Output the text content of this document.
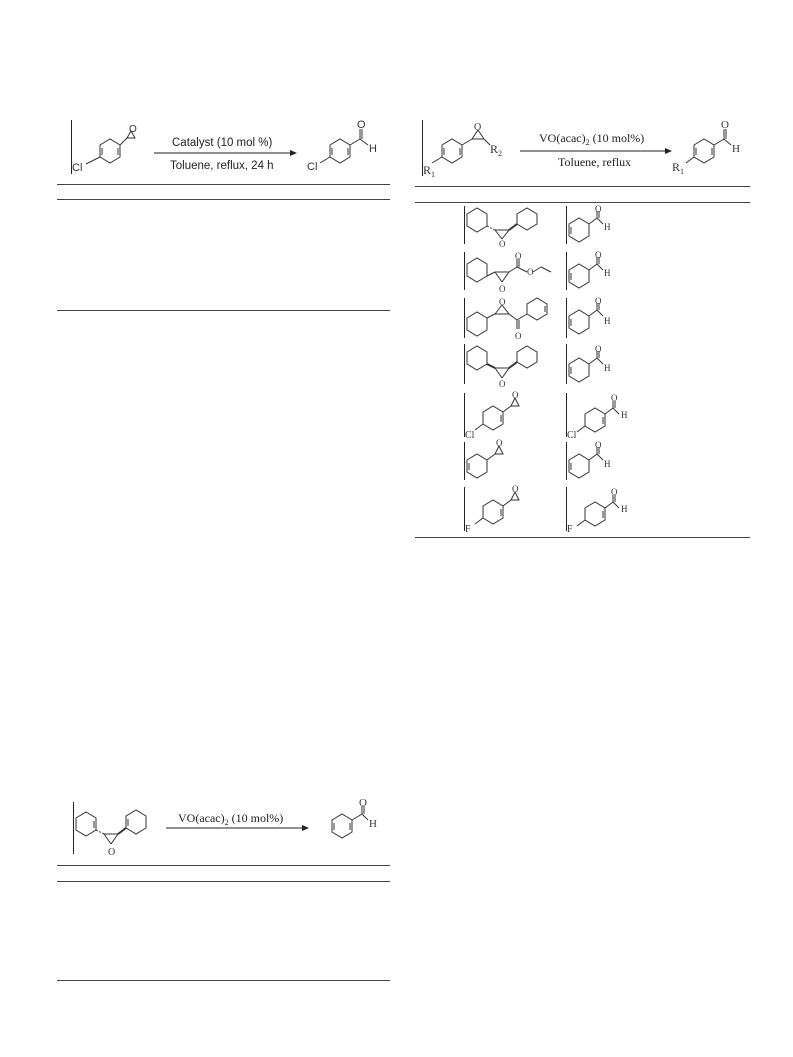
O
Cl
Catalyst (10 mol %)
Toluene, reflux, 24 h	Cl
O
H
O
$VO(acac)_2$ (10 mol%)
O
H
O
$R_1$
$R_2$
$VO(acac)_2$ (10 mol%)
Toluene, reflux	$R_1$
O
H
O
O
H
O
O
O
O
H
O
O
O
H
O
O
H
O
Cl
O
H
Cl
O	O
H
O
F
O
H
F
